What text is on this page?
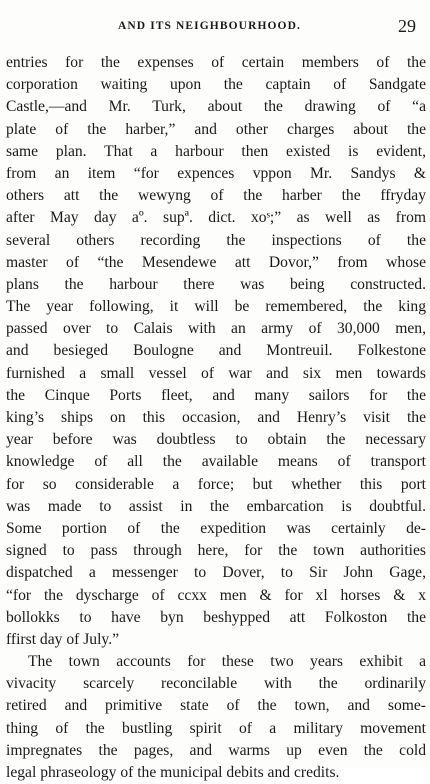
AND ITS NEIGHBOURHOOD.	29
entries for the expenses of certain members of the
corporation waiting upon the captain of Sandgate
Castle,—and Mr. Turk, about the drawing of “a
plate of the harber,” and other charges about the
same plan. That a harbour then existed is evident,
from an item “for expences vppon Mr. Sandys &
others att the wewyng of the harber the ffryday
after May day aº. supª. dict. xoˢ;” as well as from
several others recording the inspections of the
master of “the Mesendewe att Dovor,” from whose
plans the harbour there was being constructed.
The year following, it will be remembered, the king
passed over to Calais with an army of 30,000 men,
and besieged Boulogne and Montreuil. Folkestone
furnished a small vessel of war and six men towards
the Cinque Ports fleet, and many sailors for the
king’s ships on this occasion, and Henry’s visit the
year before was doubtless to obtain the necessary
knowledge of all the available means of transport
for so considerable a force; but whether this port
was made to assist in the embarcation is doubtful.
Some portion of the expedition was certainly de-
signed to pass through here, for the town authorities
dispatched a messenger to Dover, to Sir John Gage,
“for the dyscharge of ccxx men & for xl horses & x
bollokks to have byn beshypped att Folkoston the
ffirst day of July.”
The town accounts for these two years exhibit a
vivacity scarcely reconcilable with the ordinarily
retired and primitive state of the town, and some-
thing of the bustling spirit of a military movement
impregnates the pages, and warms up even the cold
legal phraseology of the municipal debits and credits.
